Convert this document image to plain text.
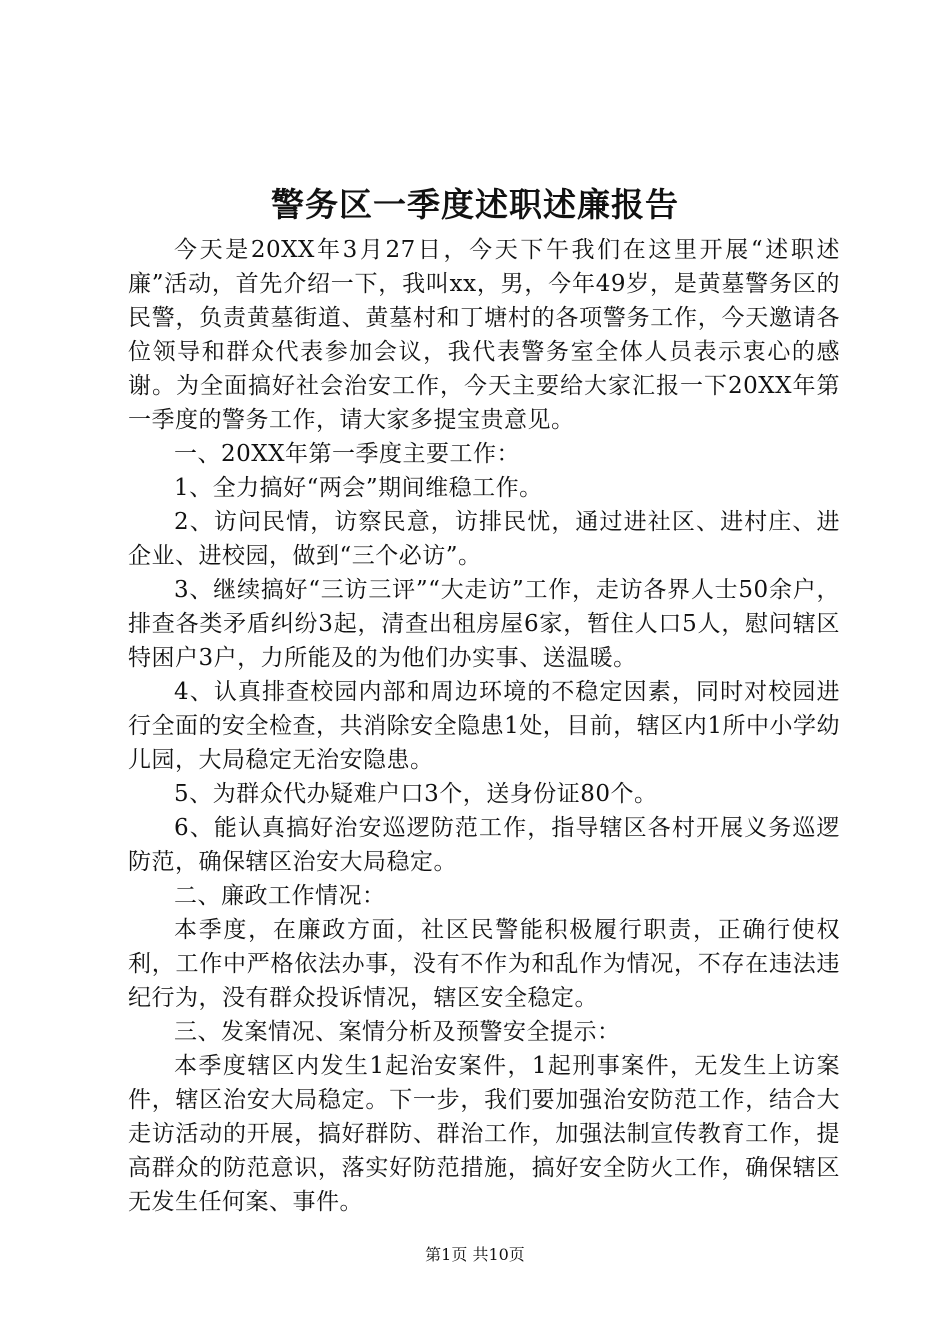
警务区一季度述职述廉报告

今天是20XX年3月27日，今天下午我们在这里开展“述职述廉”活动，首先介绍一下，我叫xx，男，今年49岁，是黄墓警务区的民警，负责黄墓街道、黄墓村和丁塘村的各项警务工作，今天邀请各位领导和群众代表参加会议，我代表警务室全体人员表示衷心的感谢。为全面搞好社会治安工作，今天主要给大家汇报一下20XX年第一季度的警务工作，请大家多提宝贵意见。

一、20XX年第一季度主要工作：

1、全力搞好“两会”期间维稳工作。

2、访问民情，访察民意，访排民忧，通过进社区、进村庄、进企业、进校园，做到“三个必访”。

3、继续搞好“三访三评”“大走访”工作，走访各界人士50余户，排查各类矛盾纠纷3起，清查出租房屋6家，暂住人口5人，慰问辖区特困户3户，力所能及的为他们办实事、送温暖。

4、认真排查校园内部和周边环境的不稳定因素，同时对校园进行全面的安全检查，共消除安全隐患1处，目前，辖区内1所中小学幼儿园，大局稳定无治安隐患。

5、为群众代办疑难户口3个，送身份证80个。

6、能认真搞好治安巡逻防范工作，指导辖区各村开展义务巡逻防范，确保辖区治安大局稳定。

二、廉政工作情况：

本季度，在廉政方面，社区民警能积极履行职责，正确行使权利，工作中严格依法办事，没有不作为和乱作为情况，不存在违法违纪行为，没有群众投诉情况，辖区安全稳定。

三、发案情况、案情分析及预警安全提示：

本季度辖区内发生1起治安案件，1起刑事案件，无发生上访案件，辖区治安大局稳定。下一步，我们要加强治安防范工作，结合大走访活动的开展，搞好群防、群治工作，加强法制宣传教育工作，提高群众的防范意识，落实好防范措施，搞好安全防火工作，确保辖区无发生任何案、事件。

第1页 共10页
